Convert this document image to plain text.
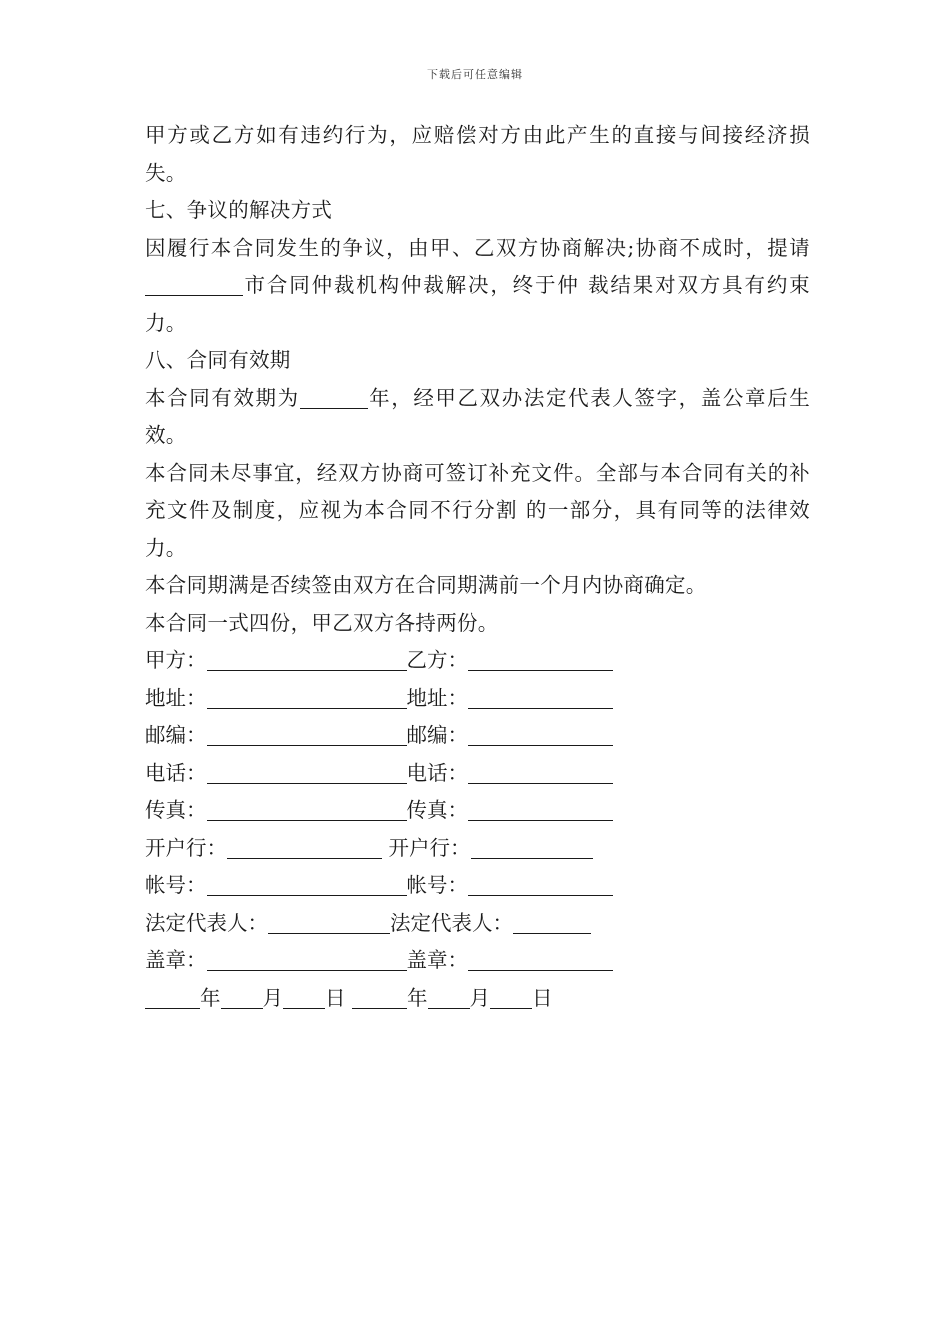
下载后可任意编辑

甲方或乙方如有违约行为，应赔偿对方由此产生的直接与间接经济损失。

七、争议的解决方式

因履行本合同发生的争议，由甲、乙双方协商解决;协商不成时，提请市合同仲裁机构仲裁解决，终于仲 裁结果对双方具有约束力。

八、合同有效期

本合同有效期为	年，经甲乙双办法定代表人签字，盖公章后生效。

本合同未尽事宜，经双方协商可签订补充文件。全部与本合同有关的补充文件及制度，应视为本合同不行分割 的一部分，具有同等的法律效力。

本合同期满是否续签由双方在合同期满前一个月内协商确定。

本合同一式四份，甲乙双方各持两份。

甲方：	乙方：
地址：	地址：
邮编：	邮编：
电话：	电话：
传真：	传真：
开户行：	开户行：
帐号：	帐号：
法定代表人：	法定代表人：
盖章：	盖章：
年 月 日	年 月 日
